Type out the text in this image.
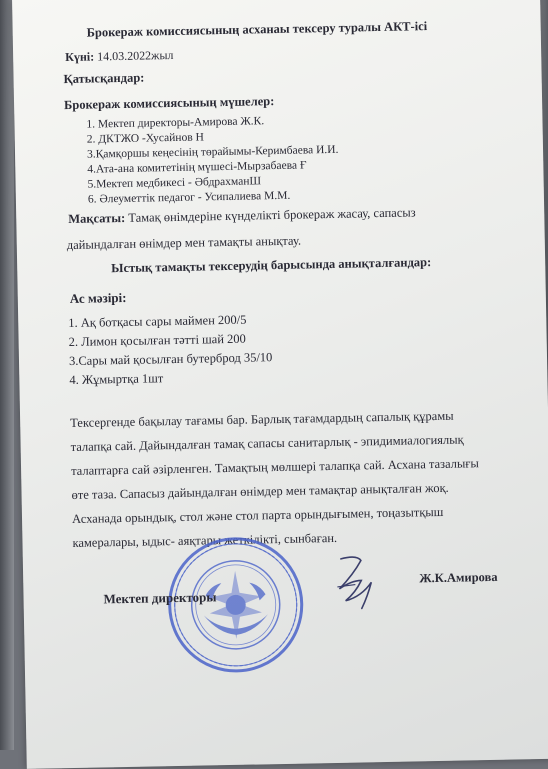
Брокераж комиссиясының асханаы тексеру туралы АКТ-ісі
Күні: 14.03.2022жыл
Қатысқандар:
Брокераж комиссиясының мүшелер:
1. Мектеп директоры-Амирова Ж.К.
2. ДКТЖО -Хусайнов Н
3.Қамқоршы кеңесінің төрайымы-Керимбаева И.И.
4.Ата-ана комитетінің мүшесі-Мырзабаева Ғ
5.Мектеп медбикесі - ӘбдрахманШ
6. Әлеуметтік педагог - Усипалиева М.М.
Мақсаты: Тамақ өнімдеріне күнделікті брокераж жасау, сапасыз
дайындалған өнімдер мен тамақты анықтау.
Ыстық тамақты тексерудің барысында анықталғандар:
Ас мәзірі:
1. Ақ ботқасы сары маймен 200/5
2. Лимон қосылған тәтті шай 200
3.Сары май қосылған бутерброд 35/10
4. Жұмыртқа 1шт
Тексергенде бақылау тағамы бар. Барлық тағамдардың сапалық құрамы
талапқа сай. Дайындалған тамақ сапасы санитарлық - эпидимиалогиялық
талаптарға сай әзірленген. Тамақтың мөлшері талапқа сай. Асхана тазалығы
өте таза. Сапасыз дайындалған өнімдер мен тамақтар анықталған жоқ.
Асханада орындық, стол және стол парта орындығымен, тоңазытқыш
камералары, ыдыс- аяқтары жеткілікті, сынбаған.
Мектеп директоры
Ж.К.Амирова
